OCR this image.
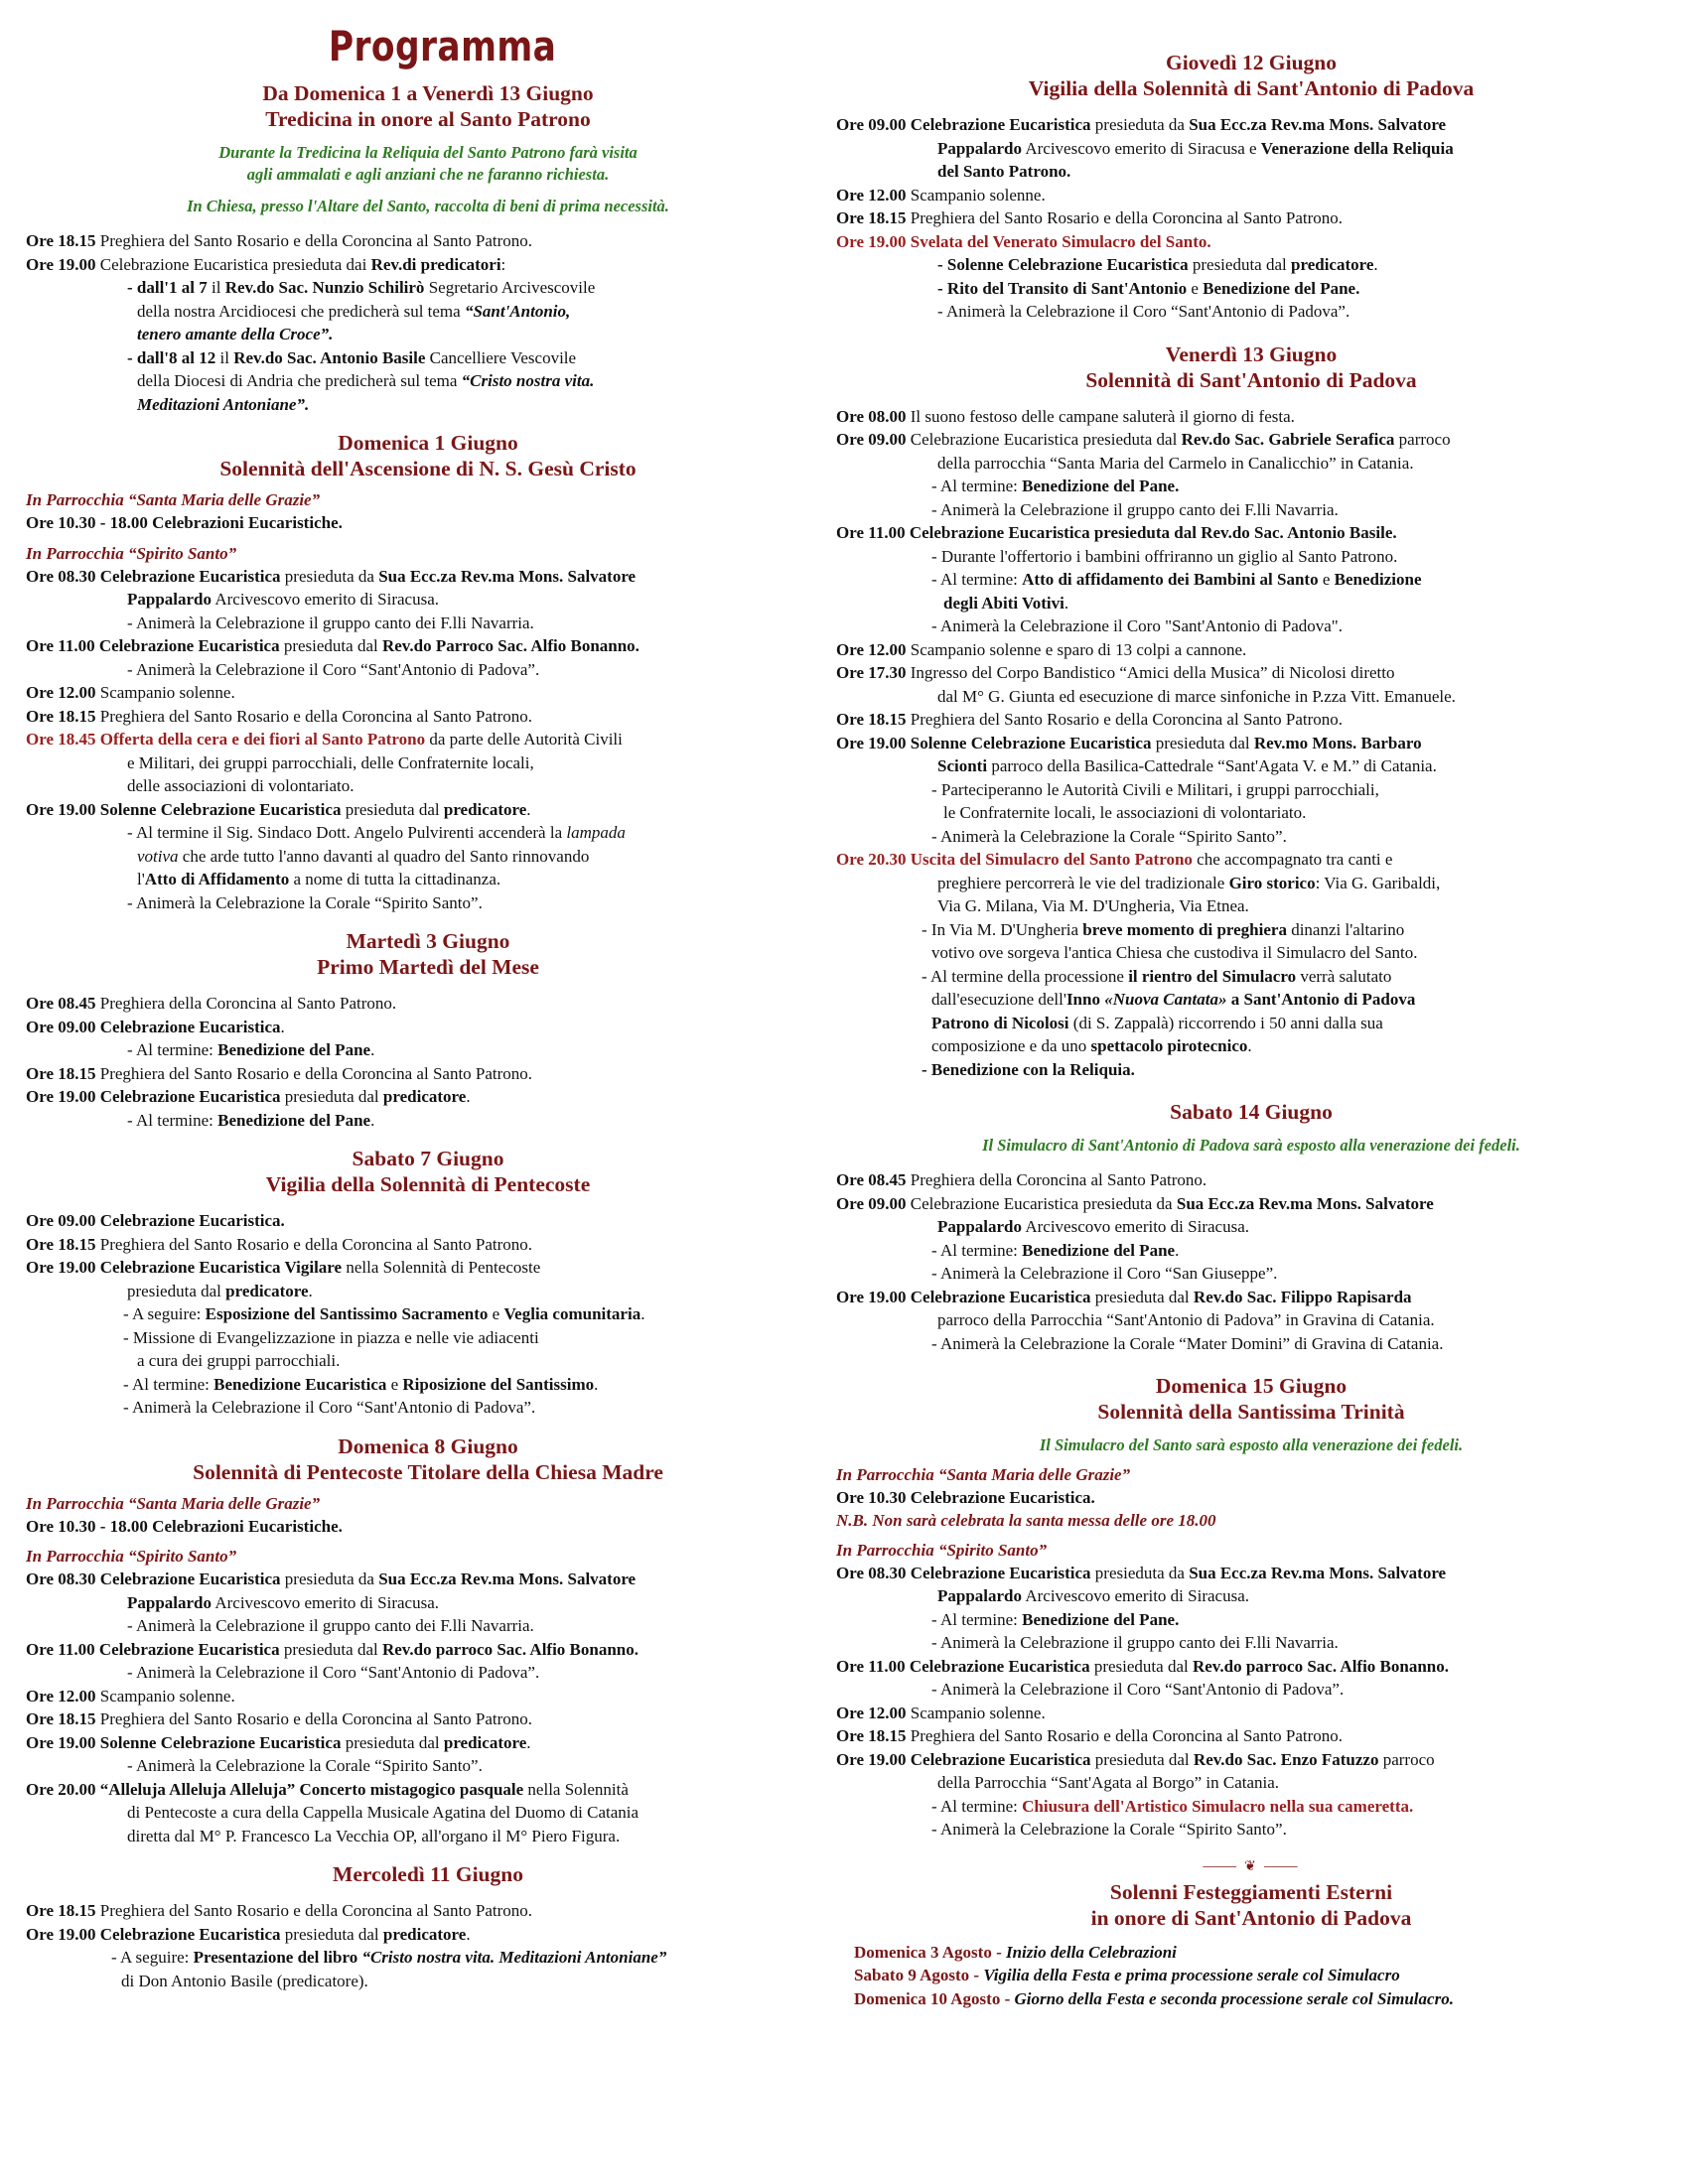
Programma
Da Domenica 1 a Venerdì 13 Giugno
Tredicina in onore al Santo Patrono
Durante la Tredicina la Reliquia del Santo Patrono farà visita
agli ammalati e agli anziani che ne faranno richiesta.
In Chiesa, presso l'Altare del Santo, raccolta di beni di prima necessità.
Ore 18.15 Preghiera del Santo Rosario e della Coroncina al Santo Patrono.
Ore 19.00 Celebrazione Eucaristica presieduta dai Rev.di predicatori:
- dall'1 al 7 il Rev.do Sac. Nunzio Schilirò Segretario Arcivescovile
della nostra Arcidiocesi che predicherà sul tema “Sant'Antonio,
tenero amante della Croce”.
- dall'8 al 12 il Rev.do Sac. Antonio Basile Cancelliere Vescovile
della Diocesi di Andria che predicherà sul tema “Cristo nostra vita.
Meditazioni Antoniane”.
Domenica 1 Giugno
Solennità dell'Ascensione di N. S. Gesù Cristo
In Parrocchia “Santa Maria delle Grazie”
Ore 10.30 - 18.00 Celebrazioni Eucaristiche.
In Parrocchia “Spirito Santo”
Ore 08.30 Celebrazione Eucaristica presieduta da Sua Ecc.za Rev.ma Mons. Salvatore
Pappalardo Arcivescovo emerito di Siracusa.
- Animerà la Celebrazione il gruppo canto dei F.lli Navarria.
Ore 11.00 Celebrazione Eucaristica presieduta dal Rev.do Parroco Sac. Alfio Bonanno.
- Animerà la Celebrazione il Coro “Sant'Antonio di Padova”.
Ore 12.00 Scampanio solenne.
Ore 18.15 Preghiera del Santo Rosario e della Coroncina al Santo Patrono.
Ore 18.45 Offerta della cera e dei fiori al Santo Patrono da parte delle Autorità Civili
e Militari, dei gruppi parrocchiali, delle Confraternite locali,
delle associazioni di volontariato.
Ore 19.00 Solenne Celebrazione Eucaristica presieduta dal predicatore.
- Al termine il Sig. Sindaco Dott. Angelo Pulvirenti accenderà la lampada
votiva che arde tutto l'anno davanti al quadro del Santo rinnovando
l'Atto di Affidamento a nome di tutta la cittadinanza.
- Animerà la Celebrazione la Corale “Spirito Santo”.
Martedì 3 Giugno
Primo Martedì del Mese
Ore 08.45 Preghiera della Coroncina al Santo Patrono.
Ore 09.00 Celebrazione Eucaristica.
- Al termine: Benedizione del Pane.
Ore 18.15 Preghiera del Santo Rosario e della Coroncina al Santo Patrono.
Ore 19.00 Celebrazione Eucaristica presieduta dal predicatore.
- Al termine: Benedizione del Pane.
Sabato 7 Giugno
Vigilia della Solennità di Pentecoste
Ore 09.00 Celebrazione Eucaristica.
Ore 18.15 Preghiera del Santo Rosario e della Coroncina al Santo Patrono.
Ore 19.00 Celebrazione Eucaristica Vigilare nella Solennità di Pentecoste
presieduta dal predicatore.
- A seguire: Esposizione del Santissimo Sacramento e Veglia comunitaria.
- Missione di Evangelizzazione in piazza e nelle vie adiacenti
a cura dei gruppi parrocchiali.
- Al termine: Benedizione Eucaristica e Riposizione del Santissimo.
- Animerà la Celebrazione il Coro “Sant'Antonio di Padova”.
Domenica 8 Giugno
Solennità di Pentecoste Titolare della Chiesa Madre
In Parrocchia “Santa Maria delle Grazie”
Ore 10.30 - 18.00 Celebrazioni Eucaristiche.
In Parrocchia “Spirito Santo”
Ore 08.30 Celebrazione Eucaristica presieduta da Sua Ecc.za Rev.ma Mons. Salvatore
Pappalardo Arcivescovo emerito di Siracusa.
- Animerà la Celebrazione il gruppo canto dei F.lli Navarria.
Ore 11.00 Celebrazione Eucaristica presieduta dal Rev.do parroco Sac. Alfio Bonanno.
- Animerà la Celebrazione il Coro “Sant'Antonio di Padova”.
Ore 12.00 Scampanio solenne.
Ore 18.15 Preghiera del Santo Rosario e della Coroncina al Santo Patrono.
Ore 19.00 Solenne Celebrazione Eucaristica presieduta dal predicatore.
- Animerà la Celebrazione la Corale “Spirito Santo”.
Ore 20.00 “Alleluja Alleluja Alleluja” Concerto mistagogico pasquale nella Solennità
di Pentecoste a cura della Cappella Musicale Agatina del Duomo di Catania
diretta dal M° P. Francesco La Vecchia OP, all'organo il M° Piero Figura.
Mercoledì 11 Giugno
Ore 18.15 Preghiera del Santo Rosario e della Coroncina al Santo Patrono.
Ore 19.00 Celebrazione Eucaristica presieduta dal predicatore.
- A seguire: Presentazione del libro “Cristo nostra vita. Meditazioni Antoniane”
di Don Antonio Basile (predicatore).
Giovedì 12 Giugno
Vigilia della Solennità di Sant'Antonio di Padova
Ore 09.00 Celebrazione Eucaristica presieduta da Sua Ecc.za Rev.ma Mons. Salvatore
Pappalardo Arcivescovo emerito di Siracusa e Venerazione della Reliquia
del Santo Patrono.
Ore 12.00 Scampanio solenne.
Ore 18.15 Preghiera del Santo Rosario e della Coroncina al Santo Patrono.
Ore 19.00 Svelata del Venerato Simulacro del Santo.
- Solenne Celebrazione Eucaristica presieduta dal predicatore.
- Rito del Transito di Sant'Antonio e Benedizione del Pane.
- Animerà la Celebrazione il Coro “Sant'Antonio di Padova”.
Venerdì 13 Giugno
Solennità di Sant'Antonio di Padova
Ore 08.00 Il suono festoso delle campane saluterà il giorno di festa.
Ore 09.00 Celebrazione Eucaristica presieduta dal Rev.do Sac. Gabriele Serafica parroco
della parrocchia “Santa Maria del Carmelo in Canalicchio” in Catania.
- Al termine: Benedizione del Pane.
- Animerà la Celebrazione il gruppo canto dei F.lli Navarria.
Ore 11.00 Celebrazione Eucaristica presieduta dal Rev.do Sac. Antonio Basile.
- Durante l'offertorio i bambini offriranno un giglio al Santo Patrono.
- Al termine: Atto di affidamento dei Bambini al Santo e Benedizione
degli Abiti Votivi.
- Animerà la Celebrazione il Coro "Sant'Antonio di Padova".
Ore 12.00 Scampanio solenne e sparo di 13 colpi a cannone.
Ore 17.30 Ingresso del Corpo Bandistico “Amici della Musica” di Nicolosi diretto
dal M° G. Giunta ed esecuzione di marce sinfoniche in P.zza Vitt. Emanuele.
Ore 18.15 Preghiera del Santo Rosario e della Coroncina al Santo Patrono.
Ore 19.00 Solenne Celebrazione Eucaristica presieduta dal Rev.mo Mons. Barbaro
Scionti parroco della Basilica-Cattedrale “Sant'Agata V. e M.” di Catania.
- Parteciperanno le Autorità Civili e Militari, i gruppi parrocchiali,
le Confraternite locali, le associazioni di volontariato.
- Animerà la Celebrazione la Corale “Spirito Santo”.
Ore 20.30 Uscita del Simulacro del Santo Patrono che accompagnato tra canti e
preghiere percorrerà le vie del tradizionale Giro storico: Via G. Garibaldi,
Via G. Milana, Via M. D'Ungheria, Via Etnea.
- In Via M. D'Ungheria breve momento di preghiera dinanzi l'altarino
votivo ove sorgeva l'antica Chiesa che custodiva il Simulacro del Santo.
- Al termine della processione il rientro del Simulacro verrà salutato
dall'esecuzione dell'Inno «Nuova Cantata» a Sant'Antonio di Padova
Patrono di Nicolosi (di S. Zappalà) riccorrendo i 50 anni dalla sua
composizione e da uno spettacolo pirotecnico.
- Benedizione con la Reliquia.
Sabato 14 Giugno
Il Simulacro di Sant'Antonio di Padova sarà esposto alla venerazione dei fedeli.
Ore 08.45 Preghiera della Coroncina al Santo Patrono.
Ore 09.00 Celebrazione Eucaristica presieduta da Sua Ecc.za Rev.ma Mons. Salvatore
Pappalardo Arcivescovo emerito di Siracusa.
- Al termine: Benedizione del Pane.
- Animerà la Celebrazione il Coro “San Giuseppe”.
Ore 19.00 Celebrazione Eucaristica presieduta dal Rev.do Sac. Filippo Rapisarda
parroco della Parrocchia “Sant'Antonio di Padova” in Gravina di Catania.
- Animerà la Celebrazione la Corale “Mater Domini” di Gravina di Catania.
Domenica 15 Giugno
Solennità della Santissima Trinità
Il Simulacro del Santo sarà esposto alla venerazione dei fedeli.
In Parrocchia “Santa Maria delle Grazie”
Ore 10.30 Celebrazione Eucaristica.
N.B. Non sarà celebrata la santa messa delle ore 18.00
In Parrocchia “Spirito Santo”
Ore 08.30 Celebrazione Eucaristica presieduta da Sua Ecc.za Rev.ma Mons. Salvatore
Pappalardo Arcivescovo emerito di Siracusa.
- Al termine: Benedizione del Pane.
- Animerà la Celebrazione il gruppo canto dei F.lli Navarria.
Ore 11.00 Celebrazione Eucaristica presieduta dal Rev.do parroco Sac. Alfio Bonanno.
- Animerà la Celebrazione il Coro “Sant'Antonio di Padova”.
Ore 12.00 Scampanio solenne.
Ore 18.15 Preghiera del Santo Rosario e della Coroncina al Santo Patrono.
Ore 19.00 Celebrazione Eucaristica presieduta dal Rev.do Sac. Enzo Fatuzzo parroco
della Parrocchia “Sant'Agata al Borgo” in Catania.
- Al termine: Chiusura dell'Artistico Simulacro nella sua cameretta.
- Animerà la Celebrazione la Corale “Spirito Santo”.
⸻ ❦ ⸻
Solenni Festeggiamenti Esterni
in onore di Sant'Antonio di Padova
Domenica 3 Agosto - Inizio della Celebrazioni
Sabato 9 Agosto - Vigilia della Festa e prima processione serale col Simulacro
Domenica 10 Agosto - Giorno della Festa e seconda processione serale col Simulacro.
